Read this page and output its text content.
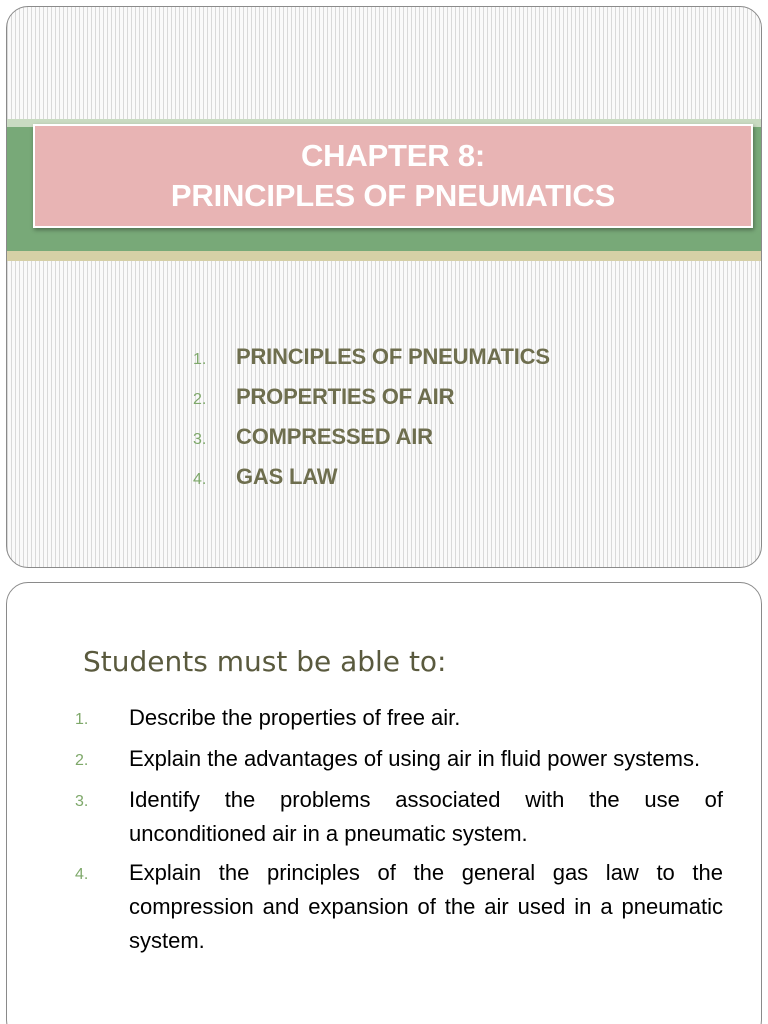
CHAPTER 8:
PRINCIPLES OF PNEUMATICS
1.	PRINCIPLES OF PNEUMATICS
2.	PROPERTIES OF AIR
3.	COMPRESSED AIR
4.	GAS LAW
Students must be able to:
1.	Describe the properties of free air.
2.	Explain the advantages of using air in fluid power systems.
3.	Identify the problems associated with the use of unconditioned air in a pneumatic system.
4.	Explain the principles of the general gas law to the compression and expansion of the air used in a pneumatic system.
